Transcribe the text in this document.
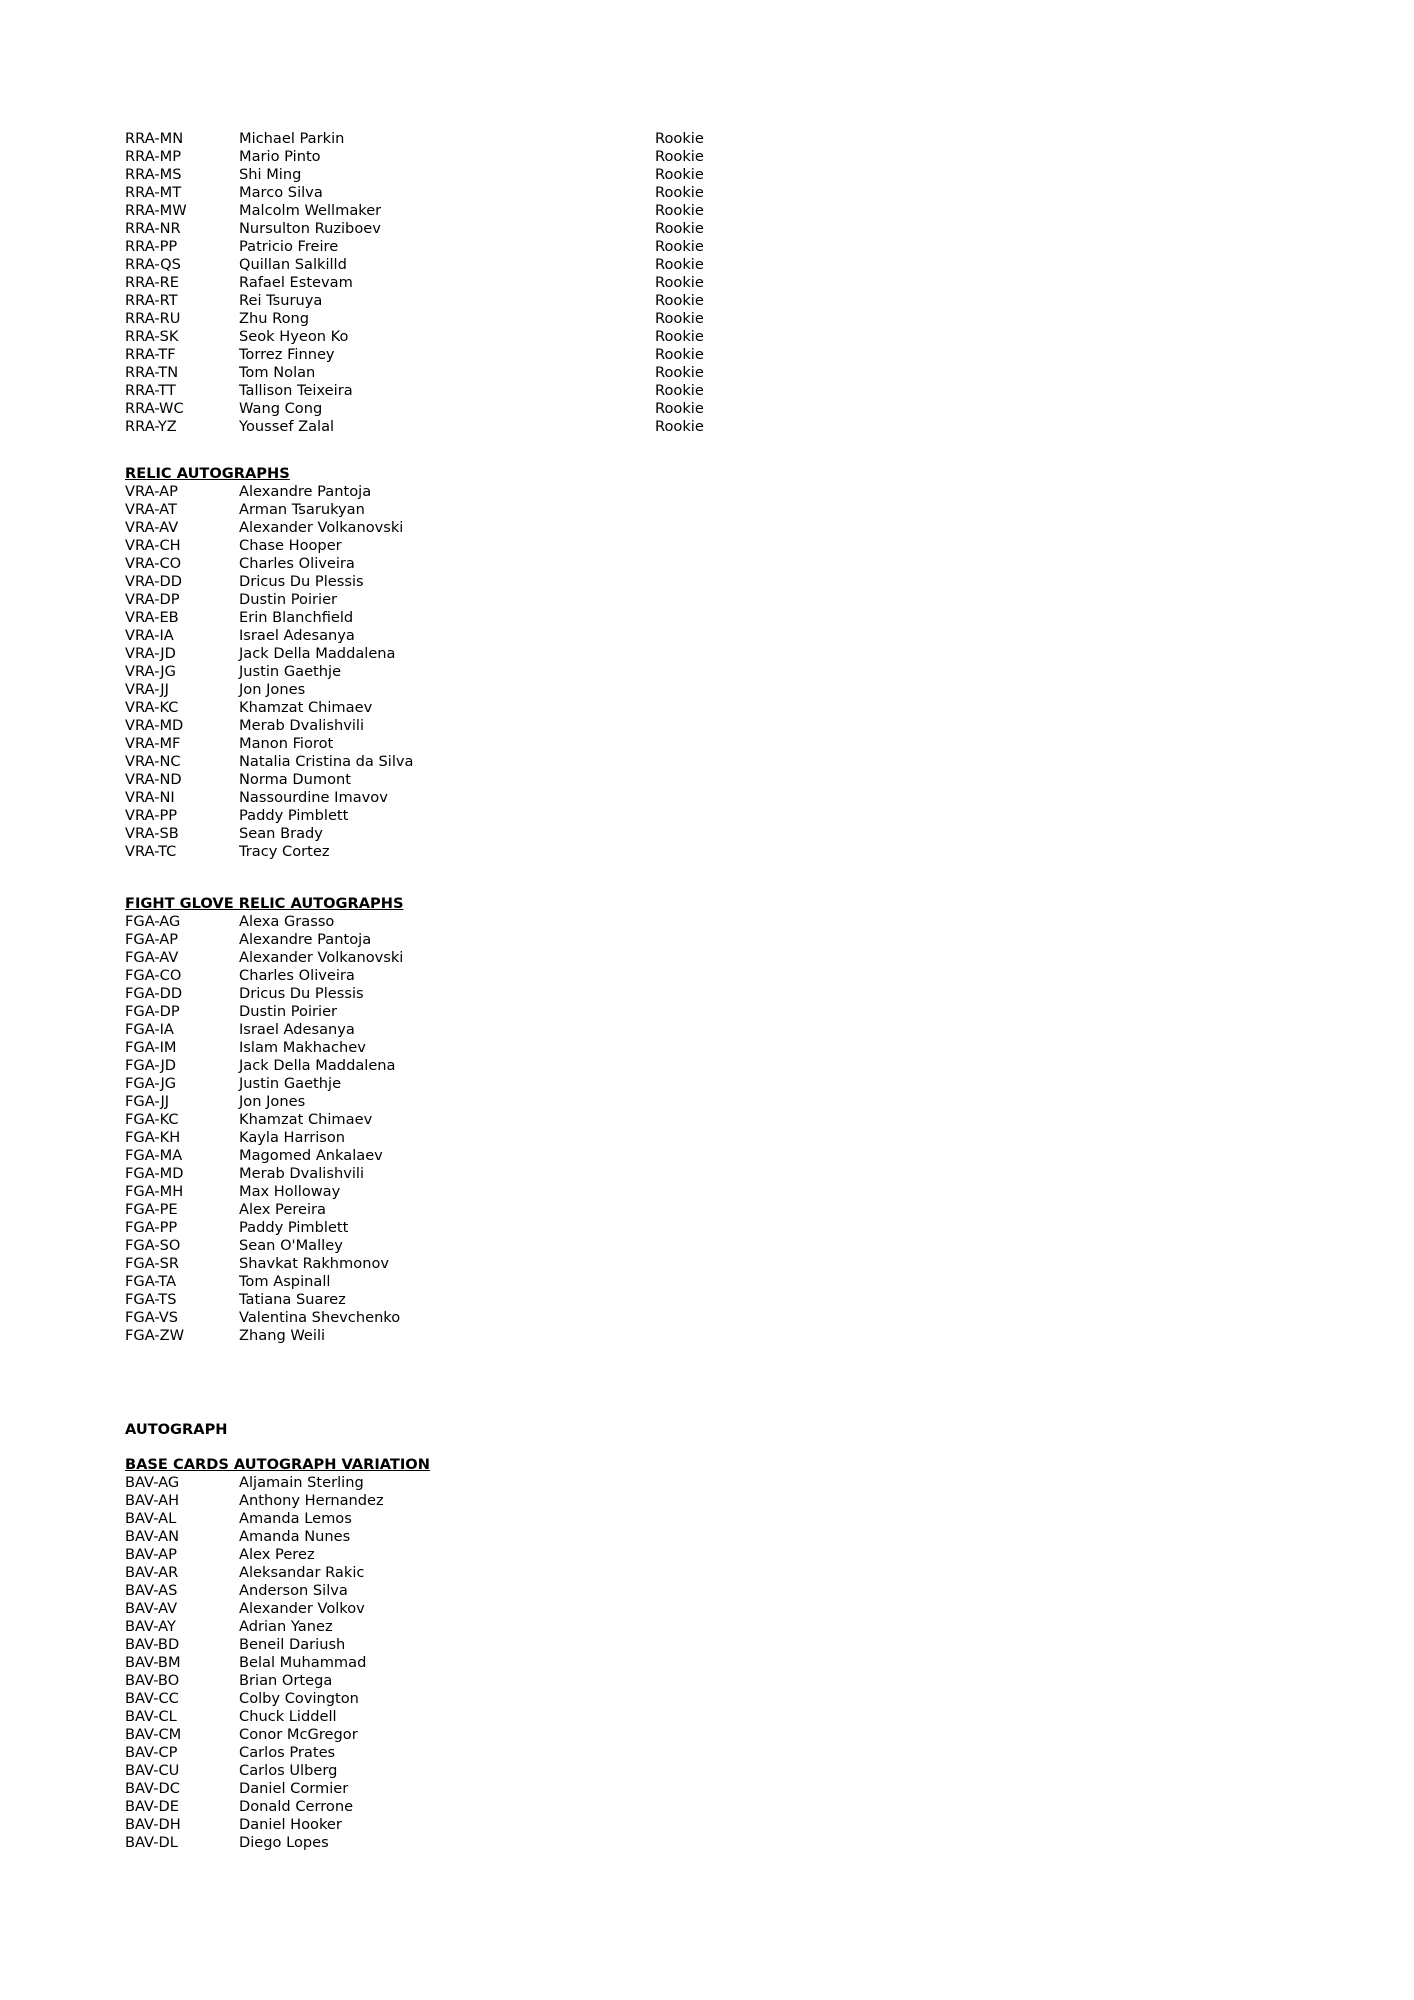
RRA-MN	Michael Parkin	Rookie
RRA-MP	Mario Pinto	Rookie
RRA-MS	Shi Ming	Rookie
RRA-MT	Marco Silva	Rookie
RRA-MW	Malcolm Wellmaker	Rookie
RRA-NR	Nursulton Ruziboev	Rookie
RRA-PP	Patricio Freire	Rookie
RRA-QS	Quillan Salkilld	Rookie
RRA-RE	Rafael Estevam	Rookie
RRA-RT	Rei Tsuruya	Rookie
RRA-RU	Zhu Rong	Rookie
RRA-SK	Seok Hyeon Ko	Rookie
RRA-TF	Torrez Finney	Rookie
RRA-TN	Tom Nolan	Rookie
RRA-TT	Tallison Teixeira	Rookie
RRA-WC	Wang Cong	Rookie
RRA-YZ	Youssef Zalal	Rookie
RELIC AUTOGRAPHS
VRA-AP	Alexandre Pantoja
VRA-AT	Arman Tsarukyan
VRA-AV	Alexander Volkanovski
VRA-CH	Chase Hooper
VRA-CO	Charles Oliveira
VRA-DD	Dricus Du Plessis
VRA-DP	Dustin Poirier
VRA-EB	Erin Blanchfield
VRA-IA	Israel Adesanya
VRA-JD	Jack Della Maddalena
VRA-JG	Justin Gaethje
VRA-JJ	Jon Jones
VRA-KC	Khamzat Chimaev
VRA-MD	Merab Dvalishvili
VRA-MF	Manon Fiorot
VRA-NC	Natalia Cristina da Silva
VRA-ND	Norma Dumont
VRA-NI	Nassourdine Imavov
VRA-PP	Paddy Pimblett
VRA-SB	Sean Brady
VRA-TC	Tracy Cortez
FIGHT GLOVE RELIC AUTOGRAPHS
FGA-AG	Alexa Grasso
FGA-AP	Alexandre Pantoja
FGA-AV	Alexander Volkanovski
FGA-CO	Charles Oliveira
FGA-DD	Dricus Du Plessis
FGA-DP	Dustin Poirier
FGA-IA	Israel Adesanya
FGA-IM	Islam Makhachev
FGA-JD	Jack Della Maddalena
FGA-JG	Justin Gaethje
FGA-JJ	Jon Jones
FGA-KC	Khamzat Chimaev
FGA-KH	Kayla Harrison
FGA-MA	Magomed Ankalaev
FGA-MD	Merab Dvalishvili
FGA-MH	Max Holloway
FGA-PE	Alex Pereira
FGA-PP	Paddy Pimblett
FGA-SO	Sean O'Malley
FGA-SR	Shavkat Rakhmonov
FGA-TA	Tom Aspinall
FGA-TS	Tatiana Suarez
FGA-VS	Valentina Shevchenko
FGA-ZW	Zhang Weili
AUTOGRAPH
BASE CARDS AUTOGRAPH VARIATION
BAV-AG	Aljamain Sterling
BAV-AH	Anthony Hernandez
BAV-AL	Amanda Lemos
BAV-AN	Amanda Nunes
BAV-AP	Alex Perez
BAV-AR	Aleksandar Rakic
BAV-AS	Anderson Silva
BAV-AV	Alexander Volkov
BAV-AY	Adrian Yanez
BAV-BD	Beneil Dariush
BAV-BM	Belal Muhammad
BAV-BO	Brian Ortega
BAV-CC	Colby Covington
BAV-CL	Chuck Liddell
BAV-CM	Conor McGregor
BAV-CP	Carlos Prates
BAV-CU	Carlos Ulberg
BAV-DC	Daniel Cormier
BAV-DE	Donald Cerrone
BAV-DH	Daniel Hooker
BAV-DL	Diego Lopes
